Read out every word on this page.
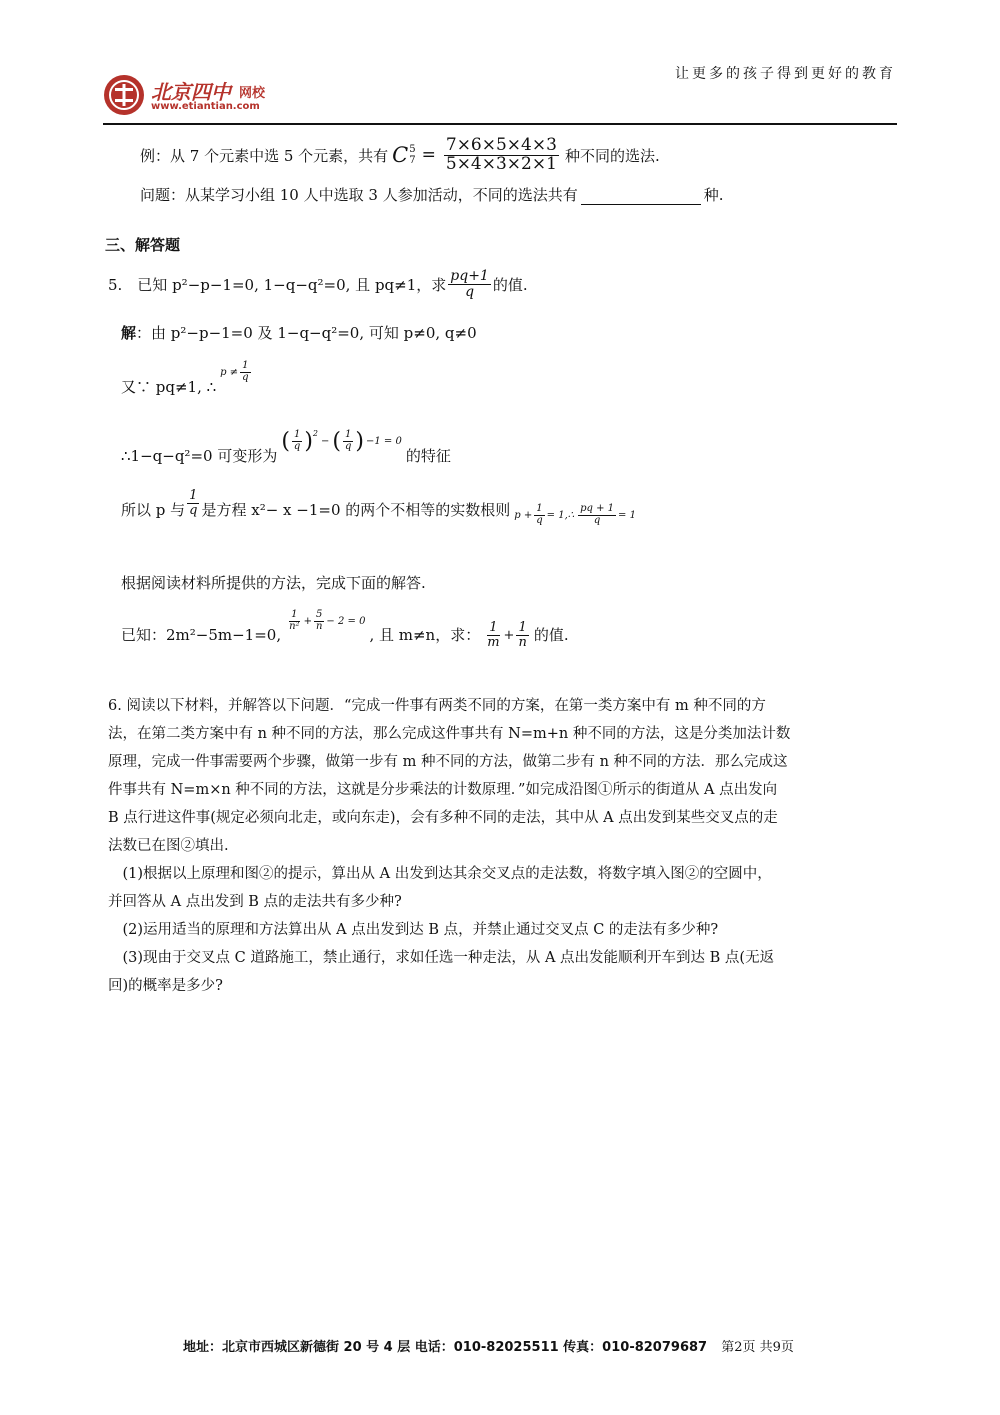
让更多的孩子得到更好的教育
北京四中 网校
www.etiantian.com
例：从 7 个元素中选 5 个元素，共有 C 5
$7 = \frac{7\times 6\times 5\times 4\times 3}{5\times 4\times 3\times 2\times 1}$ 种不同的选法.
问题：从某学习小组 10 人中选取 3 人参加活动，不同的选法共有	种.
三、解答题
5.　已知 p²−p−1=0, 1−q−q²=0, 且 pq≠1，求 $\frac{pq+1}{q}$ 的值.
解：由 p²−p−1=0 及 1−q−q²=0, 可知 p≠0, q≠0
又∵ pq≠1, ∴
$p \ne \frac{1}{q}$
∴1−q−q²=0 可变形为
( $\frac{1}{q} )^2$
− ( $\frac{1}{q}$ ) −1 = 0
的特征
所以 p 与 $\frac{1}{q}$ 是方程 x²− x −1=0 的两个不相等的实数根则 $p + \frac{1}{q}$ = 1,∴ $\frac{pq + 1}{q} = 1$
根据阅读材料所提供的方法，完成下面的解答.
已知：2m²−5m−1=0,
$\frac{1}{\text{n²}} + \frac{5}{n} - 2 = 0$
, 且 m≠n，求： $\frac{1}{m} + \frac{1}{n}$ 的值.
6. 阅读以下材料，并解答以下问题．“完成一件事有两类不同的方案，在第一类方案中有 m 种不同的方
法，在第二类方案中有 n 种不同的方法，那么完成这件事共有 N=m+n 种不同的方法，这是分类加法计数
原理，完成一件事需要两个步骤，做第一步有 m 种不同的方法，做第二步有 n 种不同的方法．那么完成这
件事共有 N=m×n 种不同的方法，这就是分步乘法的计数原理．”如完成沿图①所示的街道从 A 点出发向
B 点行进这件事(规定必须向北走，或向东走)，会有多种不同的走法，其中从 A 点出发到某些交叉点的走
法数已在图②填出.
　(1)根据以上原理和图②的提示，算出从 A 出发到达其余交叉点的走法数，将数字填入图②的空圆中，
并回答从 A 点出发到 B 点的走法共有多少种?
　(2)运用适当的原理和方法算出从 A 点出发到达 B 点，并禁止通过交叉点 C 的走法有多少种?
　(3)现由于交叉点 C 道路施工，禁止通行，求如任选一种走法，从 A 点出发能顺利开车到达 B 点(无返
回)的概率是多少?
地址：北京市西城区新德街 20 号 4 层 电话：010-82025511 传真：010-82079687 第2页 共9页
